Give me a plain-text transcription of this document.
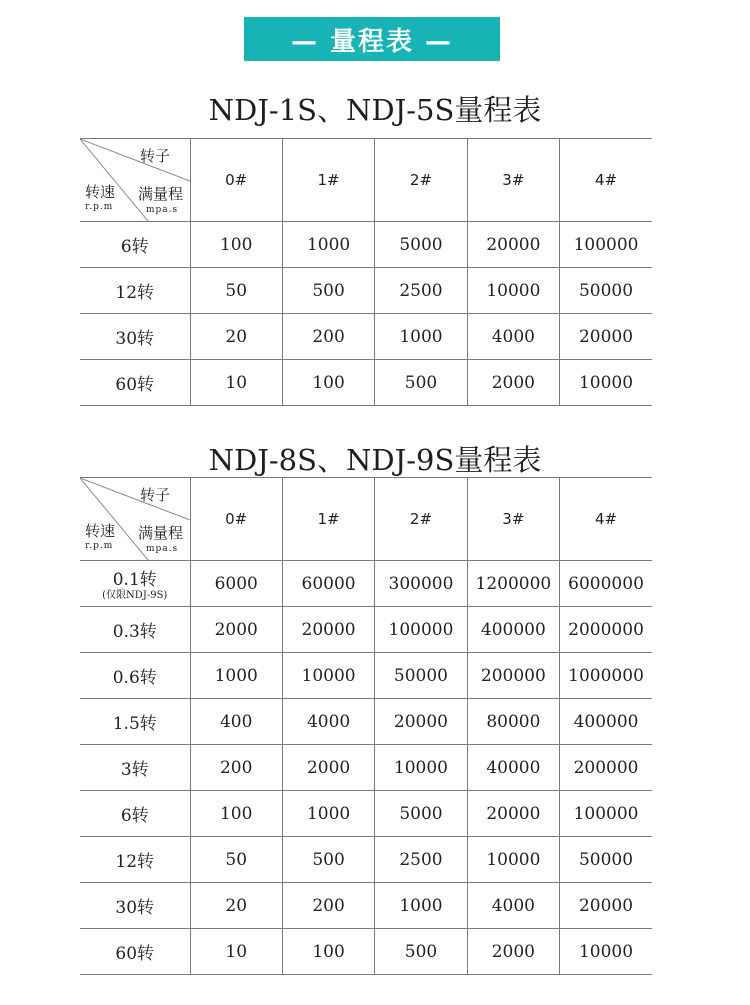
— 量程表 —
NDJ-1S、NDJ-5S量程表
转子
转速
r.p.m
满量程
mpa.s	0#	1#	2#	3#	4#
6转	100	1000	5000	20000	100000
12转	50	500	2500	10000	50000
30转	20	200	1000	4000	20000
60转	10	100	500	2000	10000
NDJ-8S、NDJ-9S量程表
转子
转速
r.p.m
满量程
mpa.s	0#	1#	2#	3#	4#
0.1转
(仅限NDJ-9S)	6000	60000	300000	1200000	6000000
0.3转	2000	20000	100000	400000	2000000
0.6转	1000	10000	50000	200000	1000000
1.5转	400	4000	20000	80000	400000
3转	200	2000	10000	40000	200000
6转	100	1000	5000	20000	100000
12转	50	500	2500	10000	50000
30转	20	200	1000	4000	20000
60转	10	100	500	2000	10000
